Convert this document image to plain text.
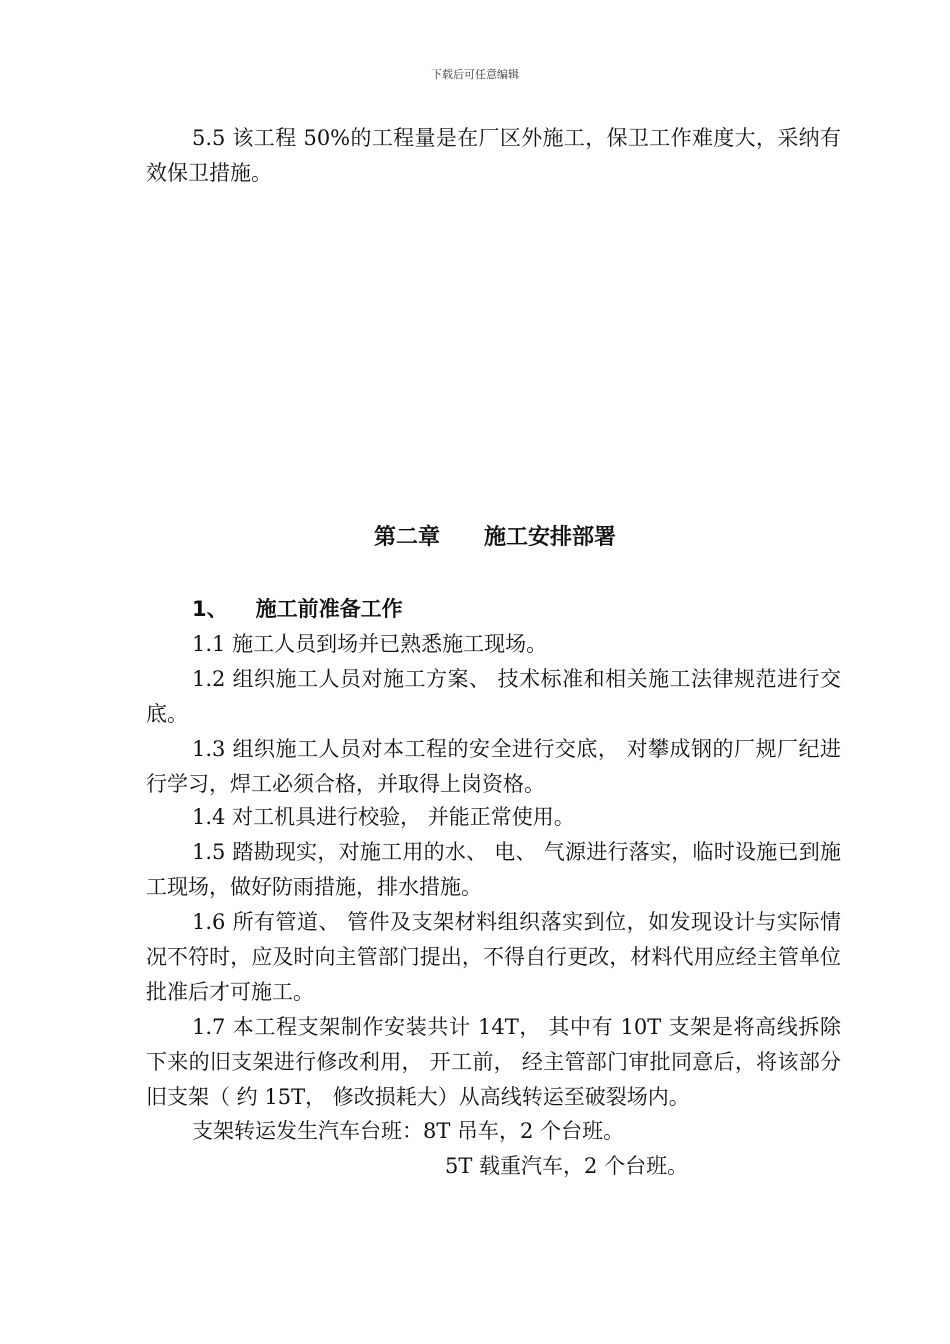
下载后可任意编辑

5.5 该工程 50%的工程量是在厂区外施工，保卫工作难度大，采纳有效保卫措施。

第二章 施工安排部署
1、 施工前准备工作

1.1 施工人员到场并已熟悉施工现场。

1.2 组织施工人员对施工方案、 技术标准和相关施工法律规范进行交底。

1.3 组织施工人员对本工程的安全进行交底， 对攀成钢的厂规厂纪进行学习，焊工必须合格，并取得上岗资格。

1.4 对工机具进行校验， 并能正常使用。

1.5 踏勘现实，对施工用的水、 电、 气源进行落实，临时设施已到施工现场，做好防雨措施，排水措施。

1.6 所有管道、 管件及支架材料组织落实到位，如发现设计与实际情况不符时，应及时向主管部门提出，不得自行更改，材料代用应经主管单位批准后才可施工。

1.7 本工程支架制作安装共计 14T， 其中有 10T 支架是将高线拆除下来的旧支架进行修改利用， 开工前， 经主管部门审批同意后，将该部分旧支架（ 约 15T， 修改损耗大）从高线转运至破裂场内。

支架转运发生汽车台班：8T 吊车，2 个台班。
5T 载重汽车，2 个台班。
